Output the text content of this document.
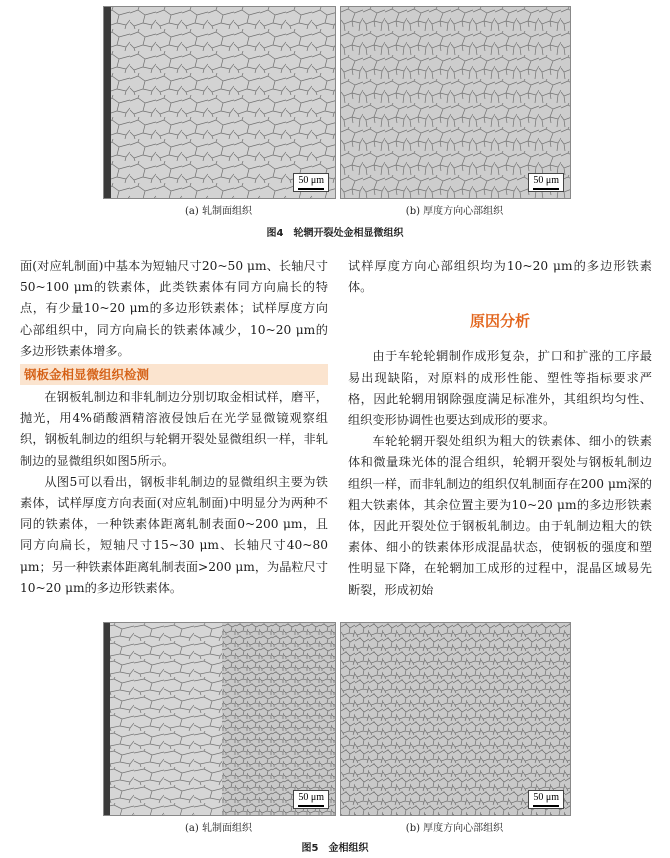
50 μm	50 μm
(a) 轧制面组织	(b) 厚度方向心部组织
图4　轮辋开裂处金相显微组织

面(对应轧制面)中基本为短轴尺寸20~50 μm、长轴尺寸50~100 μm的铁素体，此类铁素体有同方向扁长的特点，有少量10~20 μm的多边形铁素体；试样厚度方向心部组织中，同方向扁长的铁素体减少，10~20 μm的多边形铁素体增多。

钢板金相显微组织检测

在钢板轧制边和非轧制边分别切取金相试样，磨平，抛光，用4%硝酸酒精溶液侵蚀后在光学显微镜观察组织，钢板轧制边的组织与轮辋开裂处显微组织一样，非轧制边的显微组织如图5所示。

从图5可以看出，钢板非轧制边的显微组织主要为铁素体，试样厚度方向表面(对应轧制面)中明显分为两种不同的铁素体，一种铁素体距离轧制表面0~200 μm，且同方向扁长，短轴尺寸15~30 μm、长轴尺寸40~80 μm；另一种铁素体距离轧制表面>200 μm，为晶粒尺寸10~20 μm的多边形铁素体。

试样厚度方向心部组织均为10~20 μm的多边形铁素体。

原因分析

由于车轮轮辋制作成形复杂，扩口和扩涨的工序最易出现缺陷，对原料的成形性能、塑性等指标要求严格，因此轮辋用钢除强度满足标准外，其组织均匀性、组织变形协调性也要达到成形的要求。

车轮轮辋开裂处组织为粗大的铁素体、细小的铁素体和微量珠光体的混合组织，轮辋开裂处与钢板轧制边组织一样，而非轧制边的组织仅轧制面存在200 μm深的粗大铁素体，其余位置主要为10~20 μm的多边形铁素体，因此开裂处位于钢板轧制边。由于轧制边粗大的铁素体、细小的铁素体形成混晶状态，使钢板的强度和塑性明显下降，在轮辋加工成形的过程中，混晶区域易先断裂，形成初始

50 μm	50 μm
(a) 轧制面组织	(b) 厚度方向心部组织
图5　金相组织
